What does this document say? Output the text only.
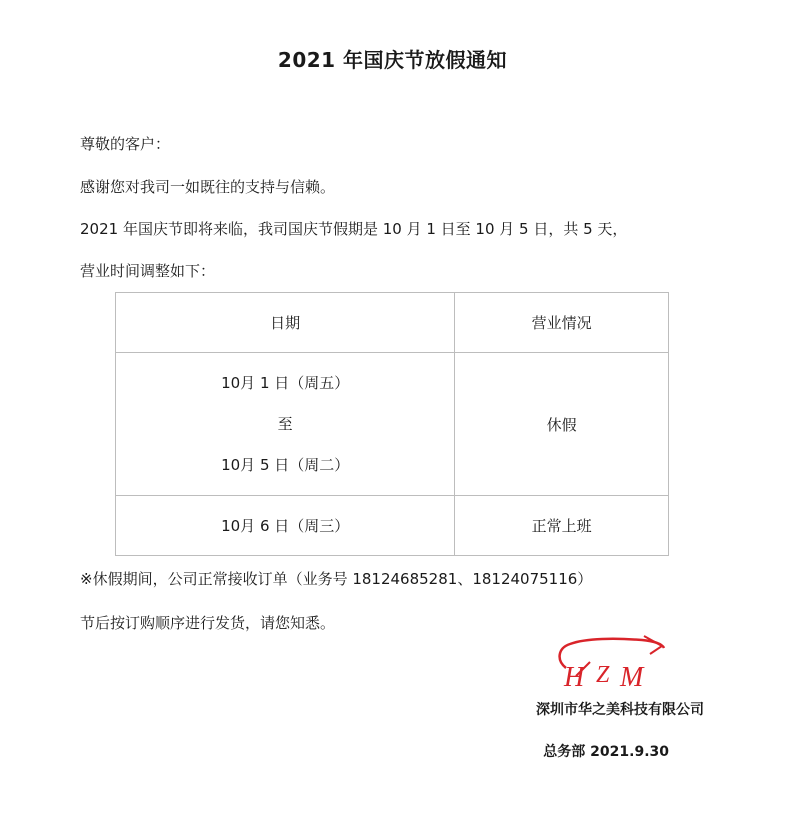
2021 年国庆节放假通知
尊敬的客户：
感谢您对我司一如既往的支持与信赖。
2021 年国庆节即将来临，我司国庆节假期是 10 月 1 日至 10 月 5 日，共 5 天，
营业时间调整如下：
日期	营业情况

10月 1 日（周五）
至
10月 5 日（周二）	休假
10月 6 日（周三）	正常上班
※休假期间，公司正常接收订单（业务号 18124685281、18124075116）
节后按订购顺序进行发货，请您知悉。
H Z M
深圳市华之美科技有限公司
总务部 2021.9.30
